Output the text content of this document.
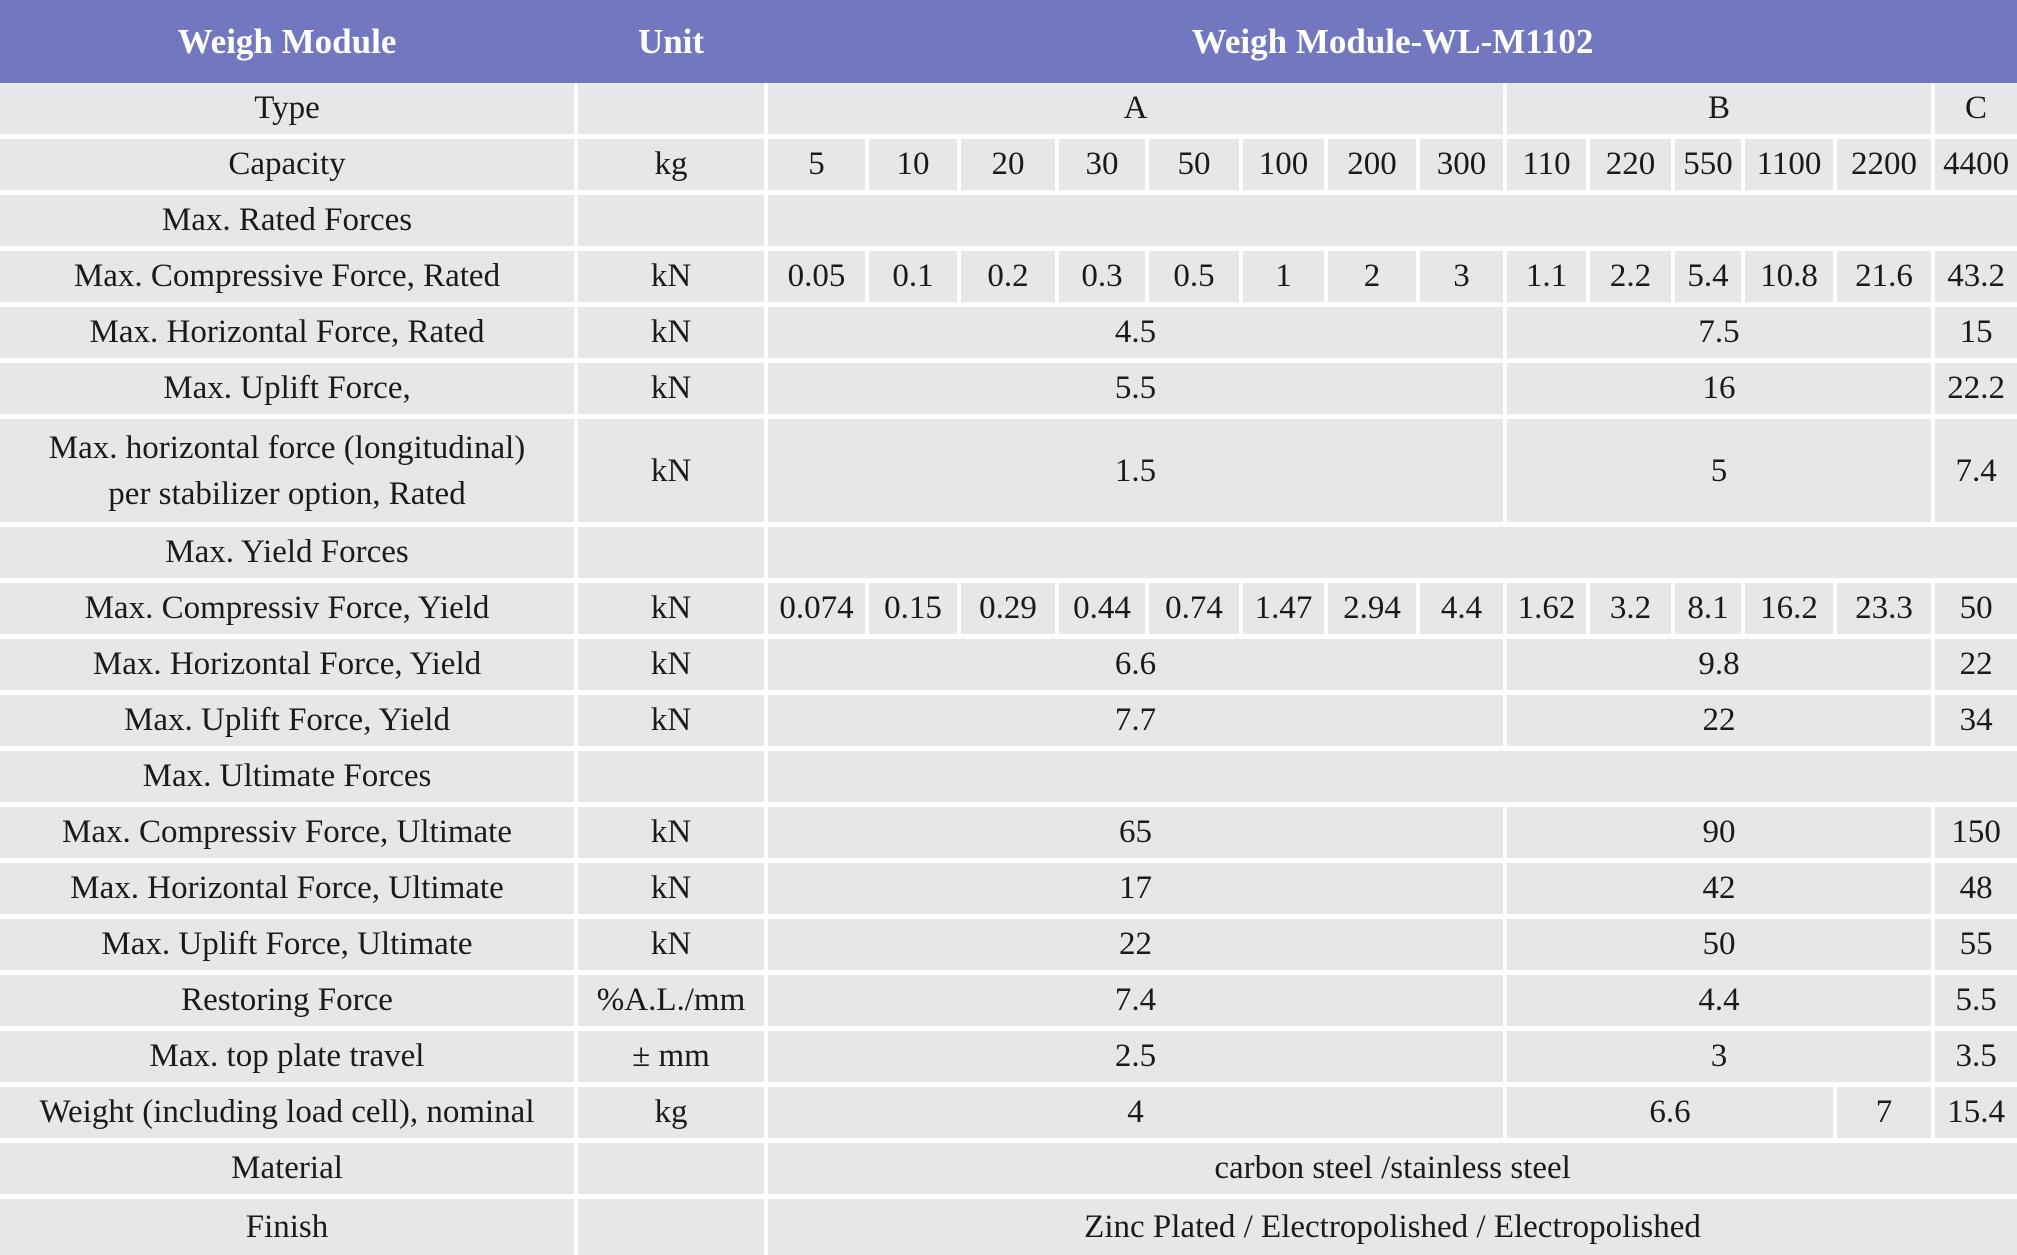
Weigh Module	Unit	Weigh Module-WL-M1102													
Type		A								B					C
Capacity	kg	5	10	20	30	50	100	200	300	110	220	550	1100	2200	4400
Max. Rated Forces															
Max. Compressive Force, Rated	kN	0.05	0.1	0.2	0.3	0.5	1	2	3	1.1	2.2	5.4	10.8	21.6	43.2
Max. Horizontal Force, Rated	kN	4.5								7.5					15
Max. Uplift Force,	kN	5.5								16					22.2
Max. horizontal force (longitudinal)
per stabilizer option, Rated	kN	1.5								5					7.4
Max. Yield Forces															
Max. Compressiv Force, Yield	kN	0.074	0.15	0.29	0.44	0.74	1.47	2.94	4.4	1.62	3.2	8.1	16.2	23.3	50
Max. Horizontal Force, Yield	kN	6.6								9.8					22
Max. Uplift Force, Yield	kN	7.7								22					34
Max. Ultimate Forces															
Max. Compressiv Force, Ultimate	kN	65								90					150
Max. Horizontal Force, Ultimate	kN	17								42					48
Max. Uplift Force, Ultimate	kN	22								50					55
Restoring Force	%A.L./mm	7.4								4.4					5.5
Max. top plate travel	± mm	2.5								3					3.5
Weight (including load cell), nominal	kg	4								6.6				7	15.4
Material		carbon steel /stainless steel													
Finish		Zinc Plated / Electropolished / Electropolished													
